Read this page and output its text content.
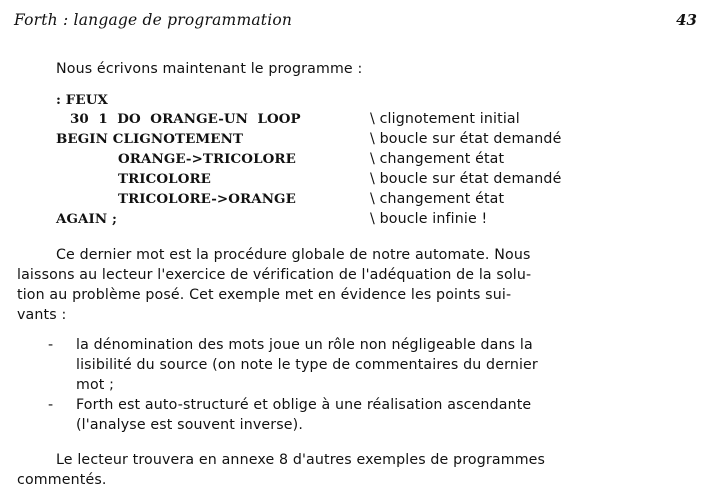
Forth : langage de programmation	43
Nous écrivons maintenant le programme :
: FEUX
30  1  DO  ORANGE-UN  LOOP	\ clignotement initial
BEGIN CLIGNOTEMENT	\ boucle sur état demandé
ORANGE->TRICOLORE	\ changement état
TRICOLORE	\ boucle sur état demandé
TRICOLORE->ORANGE	\ changement état
AGAIN ;	\ boucle infinie !
Ce dernier mot est la procédure globale de notre automate. Nous
laissons au lecteur l'exercice de vérification de l'adéquation de la solu-
tion au problème posé. Cet exemple met en évidence les points sui-
vants :
- la dénomination des mots joue un rôle non négligeable dans la
lisibilité du source (on note le type de commentaires du dernier
mot ;
- Forth est auto-structuré et oblige à une réalisation ascendante
(l'analyse est souvent inverse).
Le lecteur trouvera en annexe 8 d'autres exemples de programmes
commentés.
